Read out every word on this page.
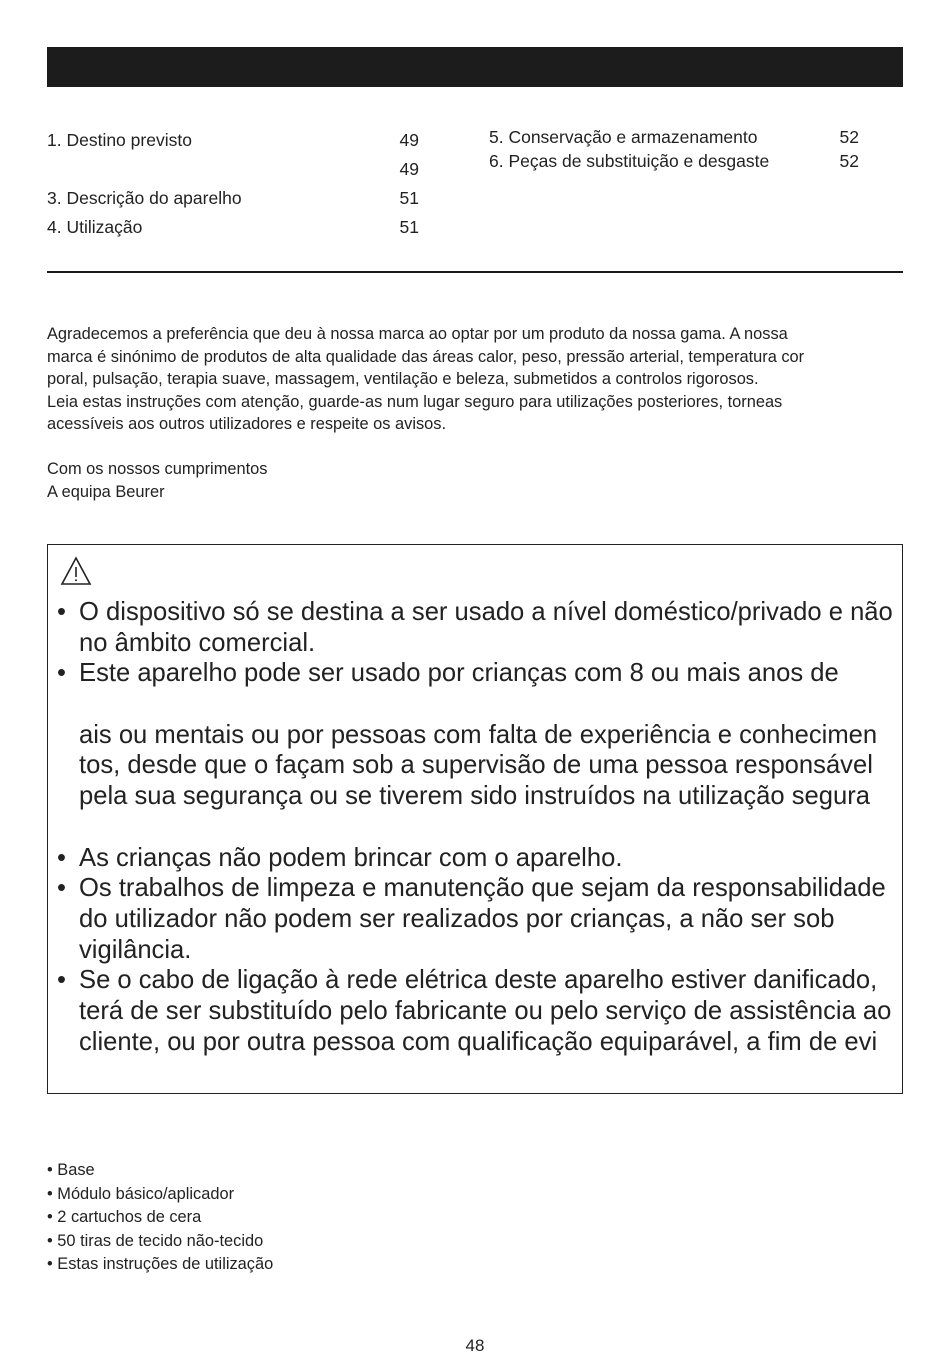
1. Destino previsto	49
49
3. Descrição do aparelho	51
4. Utilização	51
5. Conservação e armazenamento	52
6. Peças de substituição e desgaste	52

Agradecemos a preferência que deu à nossa marca ao optar por um produto da nossa gama. A nossa

marca é sinónimo de produtos de alta qualidade das áreas calor, peso, pressão arterial, temperatura cor

poral, pulsação, terapia suave, massagem, ventilação e beleza, submetidos a controlos rigorosos.

Leia estas instruções com atenção, guarde-as num lugar seguro para utilizações posteriores, torneas

acessíveis aos outros utilizadores e respeite os avisos.

Com os nossos cumprimentos
A equipa Beurer
• O dispositivo só se destina a ser usado a nível doméstico/privado e não
no âmbito comercial.
• Este aparelho pode ser usado por crianças com 8 ou mais anos de
ais ou mentais ou por pessoas com falta de experiência e conhecimen
tos, desde que o façam sob a supervisão de uma pessoa responsável
pela sua segurança ou se tiverem sido instruídos na utilização segura
• As crianças não podem brincar com o aparelho.
• Os trabalhos de limpeza e manutenção que sejam da responsabilidade
do utilizador não podem ser realizados por crianças, a não ser sob
vigilância.
• Se o cabo de ligação à rede elétrica deste aparelho estiver danificado,
terá de ser substituído pelo fabricante ou pelo serviço de assistência ao
cliente, ou por outra pessoa com qualificação equiparável, a fim de evi
• Base
• Módulo básico/aplicador
• 2 cartuchos de cera
• 50 tiras de tecido não-tecido
• Estas instruções de utilização
48
